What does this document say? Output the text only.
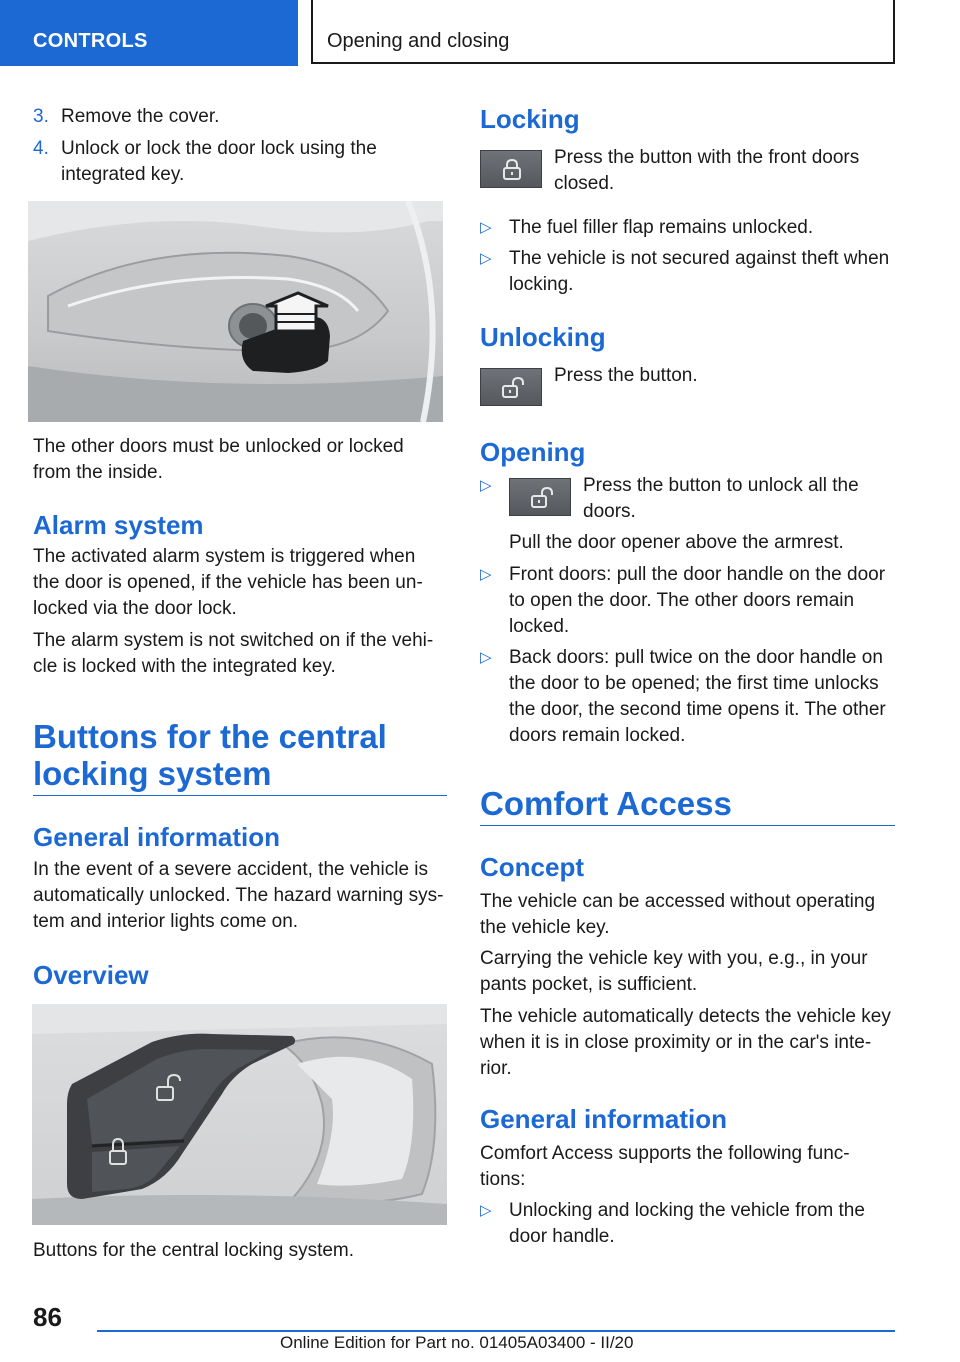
CONTROLS	Opening and closing
3. Remove the cover.
4. Unlock or lock the door lock using the
integrated key.
The other doors must be unlocked or locked
from the inside.
Alarm system
The activated alarm system is triggered when
the door is opened, if the vehicle has been un‐
locked via the door lock.
The alarm system is not switched on if the vehi‐
cle is locked with the integrated key.
Buttons for the central
locking system
General information
In the event of a severe accident, the vehicle is
automatically unlocked. The hazard warning sys‐
tem and interior lights come on.
Overview
Buttons for the central locking system.
Locking
Press the button with the front doors
closed.
▷ The fuel filler flap remains unlocked.
▷ The vehicle is not secured against theft when
locking.
Unlocking
Press the button.
Opening
▷	Press the button to unlock all the
doors.
Pull the door opener above the armrest.
▷ Front doors: pull the door handle on the door
to open the door. The other doors remain
locked.
▷ Back doors: pull twice on the door handle on
the door to be opened; the first time unlocks
the door, the second time opens it. The other
doors remain locked.
Comfort Access
Concept
The vehicle can be accessed without operating
the vehicle key.
Carrying the vehicle key with you, e.g., in your
pants pocket, is sufficient.
The vehicle automatically detects the vehicle key
when it is in close proximity or in the car's inte‐
rior.
General information
Comfort Access supports the following func‐
tions:
▷ Unlocking and locking the vehicle from the
door handle.
86
Online Edition for Part no. 01405A03400 - II/20
